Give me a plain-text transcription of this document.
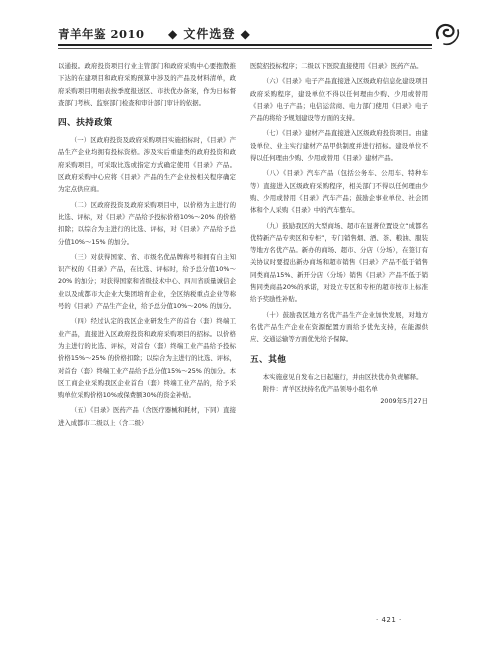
青羊年鉴 2010 ◆ 文件选登 ◆

以通报。政府投资项目行业主管部门和政府采购中心要抱散推下达的在建项目和政府采购预算中涉及的产品及材料清单，政府采购项目明细表按季度报送区、市扶优办备案，作为日标督查部门考核、监察部门检查和审计部门审计的依据。

四、扶持政策

（一）区政府投资及政府采购项目实施招标时，《目录》产品生产企业均拥有投标资格。涉及实后重建类的政府投资和政府采购项目，可采取比选或指定方式确定使用《目录》产品。区政府采购中心应将《目录》产品的生产企业按相关程序确定为定点供应商。

（二）区政府投资及政府采购项目中，以价格为主进行的比选、评标，对《目录》产品给予投标价格10%～20% 的价格扣除；以综合为主进行的比选、评标，对《目录》产品给予总分值10%～15% 的加分。

（三）对获得国家、省、市级名优品牌称号和拥有自主知识产权的《目录》产品，在比选、评标时，给予总分值10%～20% 的加分；对获得国家和省级技术中心、四川省质量诚信企业以及成都市大企业大集团培育企业，全区纳税重点企业等称号的《目录》产品生产企业，给予总分值10%～20% 的加分。

（四）经过认定的我区企业研发生产的首台（套）终端工业产品，直接进入区政府投资和政府采购项目的招标。以价格为主进行的比选、评标，对首台（套）终端工业产品给予投标价格15%～25% 的价格扣除；以综合为主进行的比选、评标，对首台（套）终端工业产品给予总分值15%～25% 的加分。本区工商企业采购我区企业首台（套）终端工业产品的，给予采购单位采购价格10%或保费额30%的资金补贴。

（五）《目录》医药产品（含医疗器械和耗材，下同）直接进入成都市二级以上（含二级）

医院招投标程序；二级以下医院直接使用《目录》医药产品。

（六）《目录》电子产品直接进入区级政府信息化建设项目政府采购程序，建设单位不得以任何理由少购、少用或替用《目录》电子产品；电信运营商、电力部门使用《目录》电子产品的将给予规划建设等方面的支持。

（七）《目录》建材产品直接进入区级政府投资项目。由建设单位、业主实行建材产品甲供制度并进行招标。建设单位不得以任何理由少购、少用或替用《目录》建材产品。

（八）《目录》汽车产品（包括公务车、公用车、特种车等）直接进入区级政府采购程序，相关部门不得以任何理由少购、少用或替用《目录》汽车产品；鼓励企事业单位、社会团体和个人采购《目录》中的汽车整车。

（九）鼓励我区的大型商场、超市在显著位置设立“成都名优特新产品专卖区和专柜”，专门销售烟、酒、茶、粮油、服装等地方名优产品。新办的商场、超市、分店（分场），在签订有关协议时要提出新办商场和超市销售《目录》产品不低于销售同类商品15%、新开分店（分场）销售《目录》产品不低于销售同类商品20%的承诺，对设立专区和专柜的超市按市上标准给予奖励性补贴。

（十）鼓励我区地方名优产品生产企业加快发展，对地方名优产品生产企业在资源配置方面给予优先支持，在能源供应、交通运输等方面优先给予保障。

五、其他

本实施意见自发布之日起施行，并由区扶优办负责解释。

附件：青羊区扶持名优产品领导小组名单

2009年5月27日

· 421 ·
